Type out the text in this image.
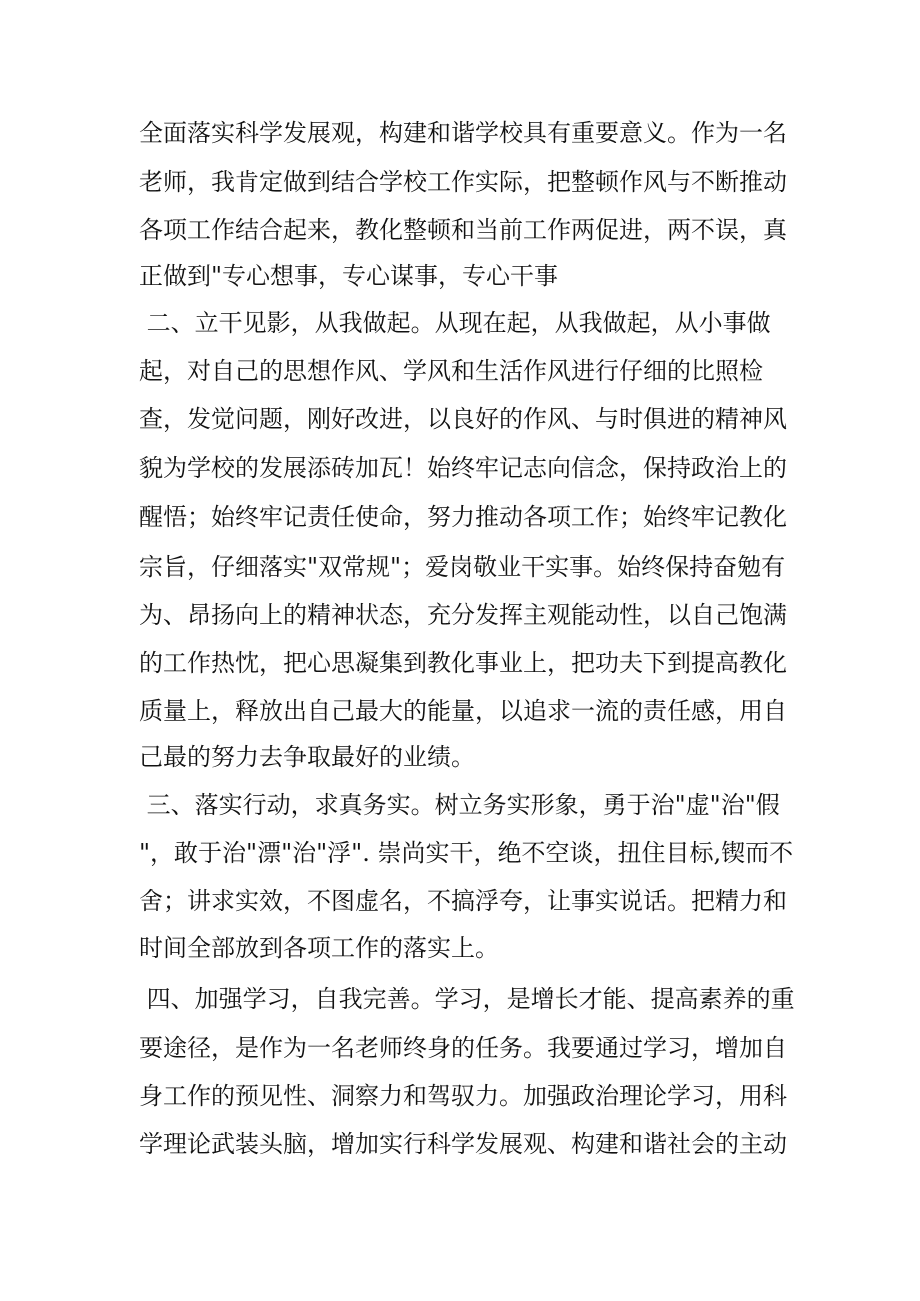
全面落实科学发展观，构建和谐学校具有重要意义。作为一名
老师，我肯定做到结合学校工作实际，把整顿作风与不断推动
各项工作结合起来，教化整顿和当前工作两促进，两不误，真
正做到"专心想事，专心谋事，专心干事
二、立干见影，从我做起。从现在起，从我做起，从小事做
起，对自己的思想作风、学风和生活作风进行仔细的比照检
查，发觉问题，刚好改进，以良好的作风、与时俱进的精神风
貌为学校的发展添砖加瓦！始终牢记志向信念，保持政治上的
醒悟；始终牢记责任使命，努力推动各项工作；始终牢记教化
宗旨，仔细落实"双常规"；爱岗敬业干实事。始终保持奋勉有
为、昂扬向上的精神状态，充分发挥主观能动性，以自己饱满
的工作热忱，把心思凝集到教化事业上，把功夫下到提高教化
质量上，释放出自己最大的能量，以追求一流的责任感，用自
己最的努力去争取最好的业绩。
三、落实行动，求真务实。树立务实形象，勇于治"虚"治"假
"，敢于治"漂"治"浮". 崇尚实干，绝不空谈，扭住目标,锲而不
舍；讲求实效，不图虚名，不搞浮夸，让事实说话。把精力和
时间全部放到各项工作的落实上。
四、加强学习，自我完善。学习，是增长才能、提高素养的重
要途径，是作为一名老师终身的任务。我要通过学习，增加自
身工作的预见性、洞察力和驾驭力。加强政治理论学习，用科
学理论武装头脑，增加实行科学发展观、构建和谐社会的主动
